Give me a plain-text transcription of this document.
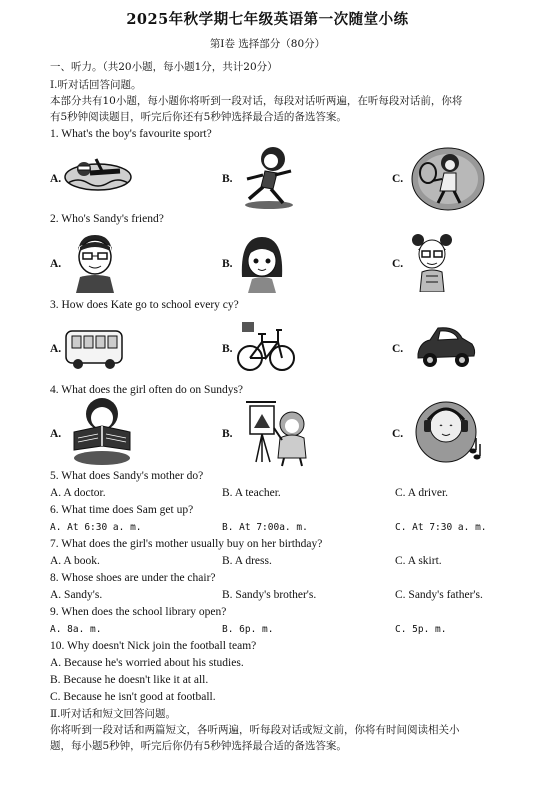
2025年秋学期七年级英语第一次随堂小练
第Ⅰ卷 选择部分（80分）
一、听力。（共20小题，每小题1分，共计20分）
Ⅰ.听对话回答问题。
本部分共有10小题，每小题你将听到一段对话，每段对话听两遍，在听每段对话前，你将
有5秒钟阅读题目，听完后你还有5秒钟选择最合适的备选答案。
1. What's the boy's favourite sport?
A.	B.	C.
2. Who's Sandy's friend?
A.	B.	C.
3. How does Kate go to school every cy?
A.	B.	C.
4. What does the girl often do on Sundys?
A.	B.	C.
5. What does Sandy's mother do?
A. A doctor.	B. A teacher.	C. A driver.
6. What time does Sam get up?
A. At 6:30 a. m.	B. At 7:00a. m.	C. At 7:30 a. m.
7. What does the girl's mother usually buy on her birthday?
A. A book.	B. A dress.	C. A skirt.
8. Whose shoes are under the chair?
A. Sandy's.	B. Sandy's brother's.	C. Sandy's father's.
9. When does the school library open?
A. 8a. m.	B. 6p. m.	C. 5p. m.
10. Why doesn't Nick join the football team?
A. Because he's worried about his studies.
B. Because he doesn't like it at all.
C. Because he isn't good at football.
Ⅱ.听对话和短文回答问题。
你将听到一段对话和两篇短文，各听两遍，听每段对话或短文前，你将有时间阅读相关小
题，每小题5秒钟，听完后你仍有5秒钟选择最合适的备选答案。
